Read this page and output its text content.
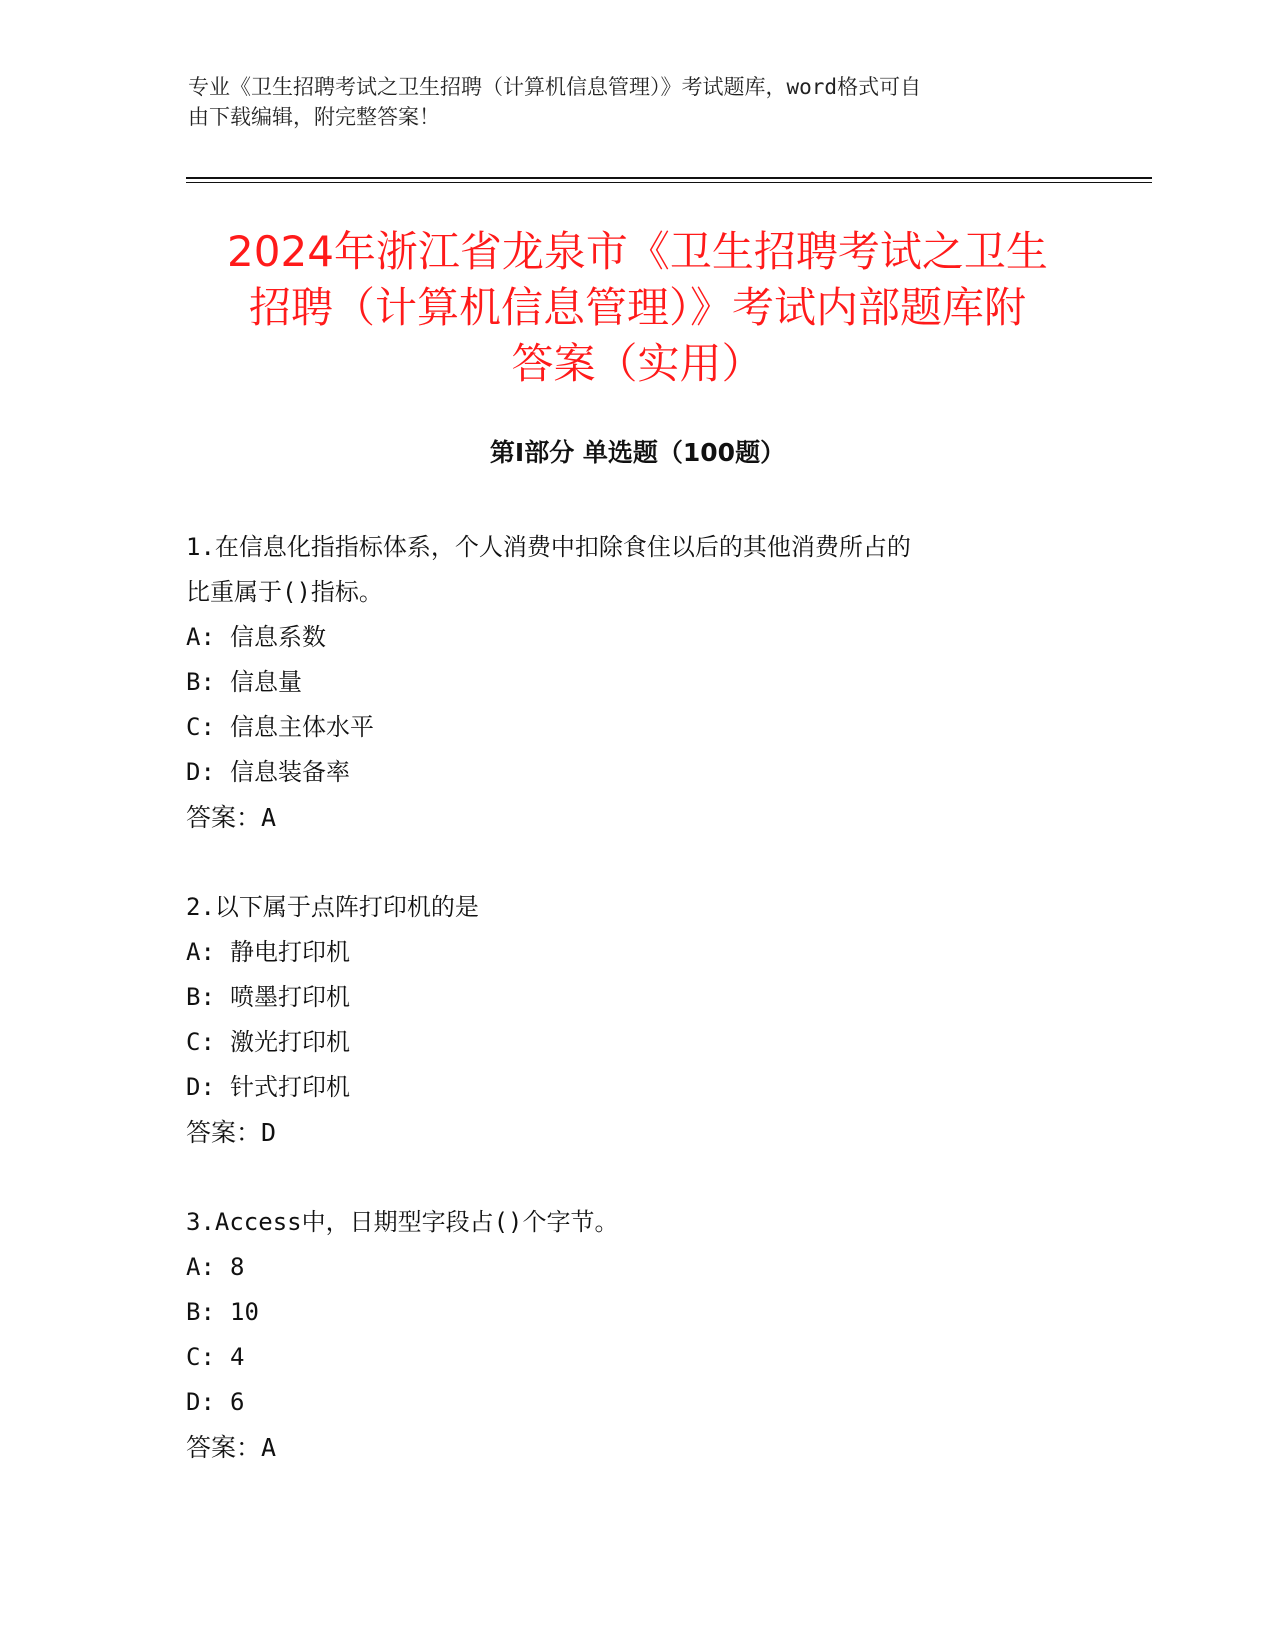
专业《卫生招聘考试之卫生招聘（计算机信息管理）》考试题库，word格式可自
由下载编辑，附完整答案！
2024年浙江省龙泉市《卫生招聘考试之卫生
招聘（计算机信息管理）》考试内部题库附
答案（实用）
第Ⅰ部分 单选题（100题）

1.在信息化指指标体系，个人消费中扣除食住以后的其他消费所占的

比重属于()指标。

A: 信息系数

B: 信息量

C: 信息主体水平

D: 信息装备率

答案：A

2.以下属于点阵打印机的是

A: 静电打印机

B: 喷墨打印机

C: 激光打印机

D: 针式打印机

答案：D

3.Access中，日期型字段占()个字节。

A: 8

B: 10

C: 4

D: 6

答案：A
